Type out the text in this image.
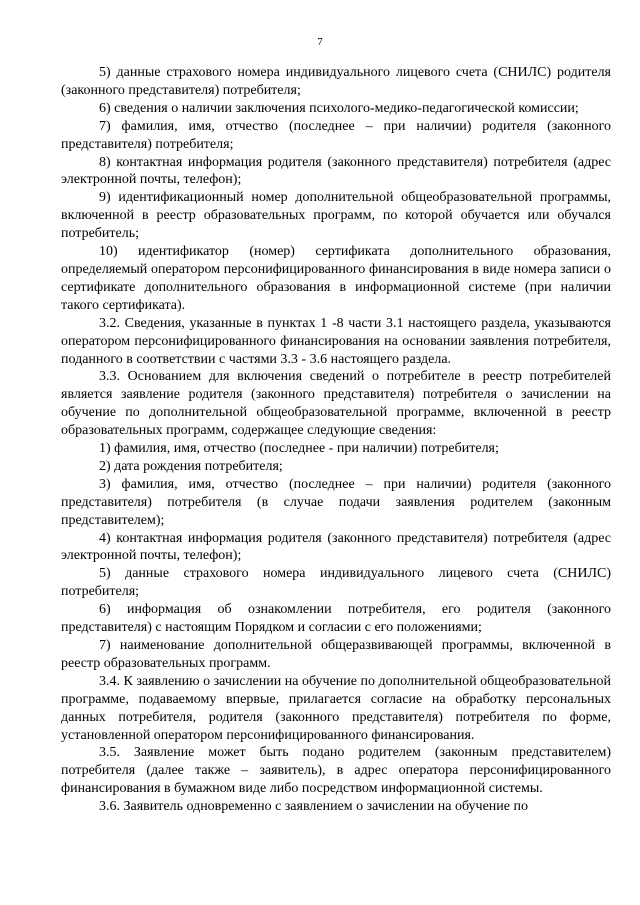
7

5) данные страхового номера индивидуального лицевого счета (СНИЛС) родителя (законного представителя) потребителя;

6) сведения о наличии заключения психолого-медико-педагогической комиссии;

7) фамилия, имя, отчество (последнее – при наличии) родителя (законного представителя) потребителя;

8) контактная информация родителя (законного представителя) потребителя (адрес электронной почты, телефон);

9) идентификационный номер дополнительной общеобразовательной программы, включенной в реестр образовательных программ, по которой обучается или обучался потребитель;

10) идентификатор (номер) сертификата дополнительного образования, определяемый оператором персонифицированного финансирования в виде номера записи о сертификате дополнительного образования в информационной системе (при наличии такого сертификата).

3.2. Сведения, указанные в пунктах 1 -8 части 3.1 настоящего раздела, указываются оператором персонифицированного финансирования на основании заявления потребителя, поданного в соответствии с частями 3.3 - 3.6 настоящего раздела.

3.3. Основанием для включения сведений о потребителе в реестр потребителей является заявление родителя (законного представителя) потребителя о зачислении на обучение по дополнительной общеобразовательной программе, включенной в реестр образовательных программ, содержащее следующие сведения:

1) фамилия, имя, отчество (последнее - при наличии) потребителя;

2) дата рождения потребителя;

3) фамилия, имя, отчество (последнее – при наличии) родителя (законного представителя) потребителя (в случае подачи заявления родителем (законным представителем);

4) контактная информация родителя (законного представителя) потребителя (адрес электронной почты, телефон);

5) данные страхового номера индивидуального лицевого счета (СНИЛС) потребителя;

6) информация об ознакомлении потребителя, его родителя (законного представителя) с настоящим Порядком и согласии с его положениями;

7) наименование дополнительной общеразвивающей программы, включенной в реестр образовательных программ.

3.4. К заявлению о зачислении на обучение по дополнительной общеобразовательной программе, подаваемому впервые, прилагается согласие на обработку персональных данных потребителя, родителя (законного представителя) потребителя по форме, установленной оператором персонифицированного финансирования.

3.5. Заявление может быть подано родителем (законным представителем) потребителя (далее также – заявитель), в адрес оператора персонифицированного финансирования в бумажном виде либо посредством информационной системы.

3.6. Заявитель одновременно с заявлением о зачислении на обучение по
